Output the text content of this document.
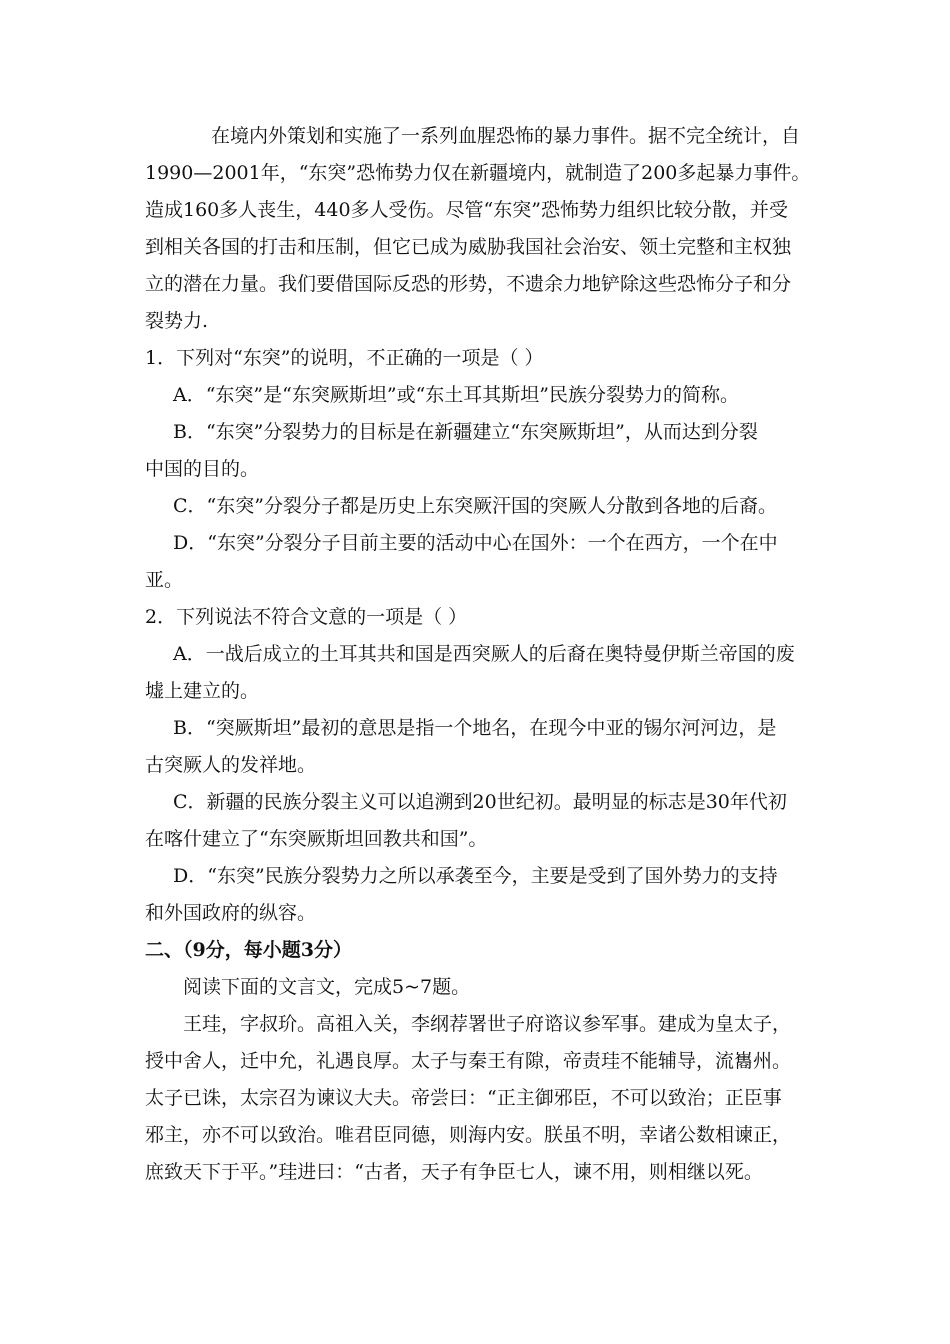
在境内外策划和实施了一系列血腥恐怖的暴力事件。据不完全统计，自
1990—2001年，“东突”恐怖势力仅在新疆境内，就制造了200多起暴力事件。
造成160多人丧生，440多人受伤。尽管“东突”恐怖势力组织比较分散，并受
到相关各国的打击和压制，但它已成为威胁我国社会治安、领土完整和主权独
立的潜在力量。我们要借国际反恐的形势，不遗余力地铲除这些恐怖分子和分
裂势力.
1．下列对“东突”的说明，不正确的一项是（ ）
A．“东突”是“东突厥斯坦”或“东土耳其斯坦”民族分裂势力的简称。
B．“东突”分裂势力的目标是在新疆建立“东突厥斯坦”，从而达到分裂
中国的目的。
C．“东突”分裂分子都是历史上东突厥汗国的突厥人分散到各地的后裔。
D．“东突”分裂分子目前主要的活动中心在国外：一个在西方，一个在中
亚。
2．下列说法不符合文意的一项是（ ）
A．一战后成立的土耳其共和国是西突厥人的后裔在奥特曼伊斯兰帝国的废
墟上建立的。
B．“突厥斯坦”最初的意思是指一个地名，在现今中亚的锡尔河河边，是
古突厥人的发祥地。
C．新疆的民族分裂主义可以追溯到20世纪初。最明显的标志是30年代初
在喀什建立了“东突厥斯坦回教共和国”。
D．“东突”民族分裂势力之所以承袭至今，主要是受到了国外势力的支持
和外国政府的纵容。
二、（9分，每小题3分）
阅读下面的文言文，完成5~7题。
王珪，字叔玠。高祖入关，李纲荐署世子府谘议参军事。建成为皇太子，
授中舍人，迁中允，礼遇良厚。太子与秦王有隙，帝责珪不能辅导，流巂州。
太子已诛，太宗召为谏议大夫。帝尝曰：“正主御邪臣，不可以致治；正臣事
邪主，亦不可以致治。唯君臣同德，则海内安。朕虽不明，幸诸公数相谏正，
庶致天下于平。”珪进曰：“古者，天子有争臣七人，谏不用，则相继以死。
